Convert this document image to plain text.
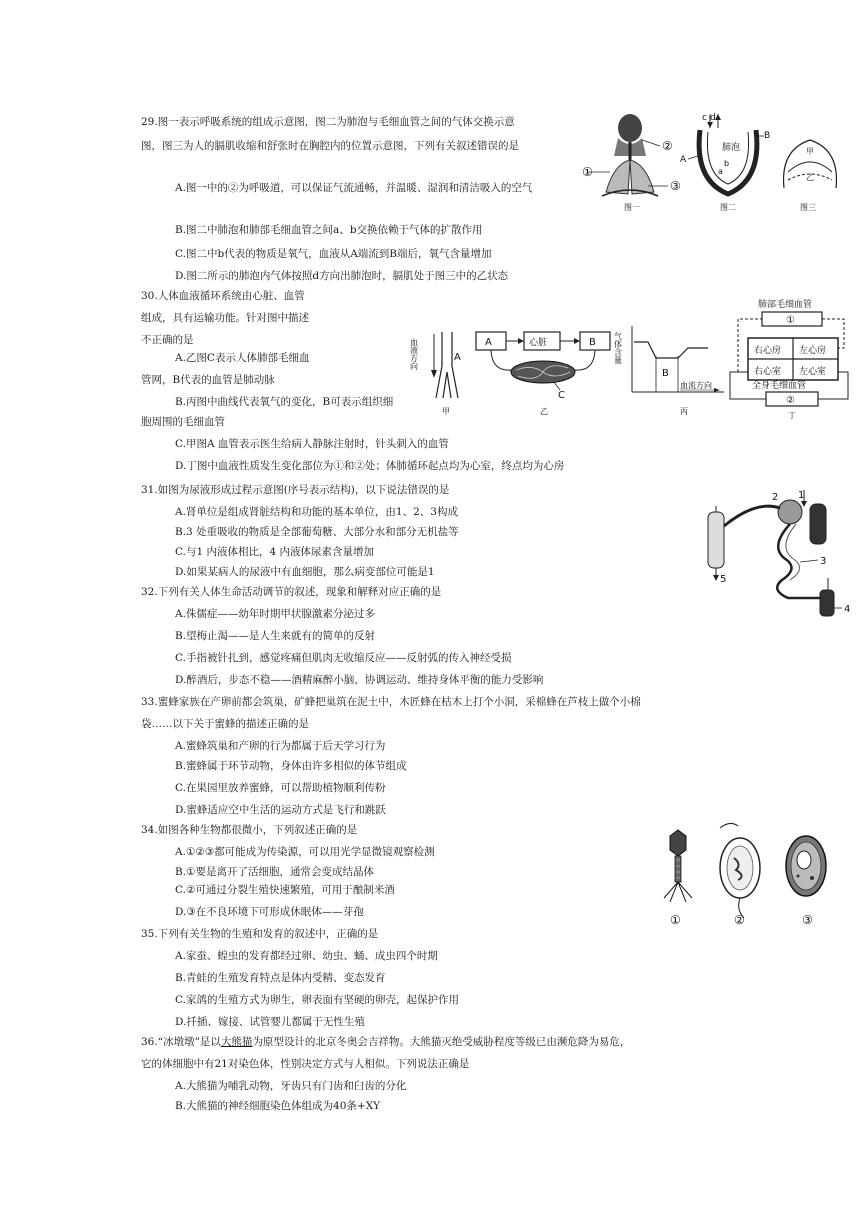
29.图一表示呼吸系统的组成示意图，图二为肺泡与毛细血管之间的气体交换示意

图，图三为人的膈肌收缩和舒张时在胸腔内的位置示意图，下列有关叙述错误的是

A.图一中的②为呼吸道，可以保证气流通畅，并温暖、湿润和清洁吸入的空气

B.图二中肺泡和肺部毛细血管之间a、b交换依赖于气体的扩散作用

C.图二中b代表的物质是氧气，血液从A端流到B端后，氧气含量增加

D.图二所示的肺泡内气体按照d方向出肺泡时，膈肌处于图三中的乙状态

②
①
③
图一
c d
肺泡
b
a
A
B
图二
甲
乙
图三

30.人体血液循环系统由心脏、血管

组成，具有运输功能。针对图中描述

不正确的是

A.乙图C表示人体肺部毛细血

管网，B代表的血管是肺动脉

B.丙图中曲线代表氧气的变化，B可表示组织细

胞周围的毛细血管

C.甲图A 血管表示医生给病人静脉注射时，针头刺入的血管

D.丁图中血液性质发生变化部位为①和②处；体肺循环起点均为心室，终点均为心房

血液方向	A
甲
A	心脏	B
C
乙
气体含量
B
血流方向
丙
肺部毛细血管
①
右心房 左心房
右心室 左心室
全身毛细血管
②
丁

31.如图为尿液形成过程示意图(序号表示结构)，以下说法错误的是

A.肾单位是组成肾脏结构和功能的基本单位，由1、2、3构成

B.3 处重吸收的物质是全部葡萄糖、大部分水和部分无机盐等

C.与1 内液体相比，4 内液体尿素含量增加

D.如果某病人的尿液中有血细胞，那么病变部位可能是1

5
2 1
3
4

32.下列有关人体生命活动调节的叙述，现象和解释对应正确的是

A.侏儒症——幼年时期甲状腺激素分泌过多

B.望梅止渴——是人生来就有的简单的反射

C.手指被针扎到，感觉疼痛但肌肉无收缩反应——反射弧的传入神经受损

D.醉酒后，步态不稳——酒精麻醉小脑，协调运动、维持身体平衡的能力受影响

33.蜜蜂家族在产卵前都会筑巢，矿蜂把巢筑在泥土中，木匠蜂在枯木上打个小洞，采棉蜂在芦枝上做个小棉

袋……以下关于蜜蜂的描述正确的是

A.蜜蜂筑巢和产卵的行为都属于后天学习行为

B.蜜蜂属于环节动物，身体由许多相似的体节组成

C.在果园里放养蜜蜂，可以帮助植物顺利传粉

D.蜜蜂适应空中生活的运动方式是飞行和跳跃

34.如图各种生物都很微小，下列叙述正确的是

A.①②③都可能成为传染源，可以用光学显微镜观察检测

B.①要是离开了活细胞，通常会变成结晶体

C.②可通过分裂生殖快速繁殖，可用于酿制米酒

D.③在不良环境下可形成休眠体——芽孢

①	②	③

35.下列有关生物的生殖和发育的叙述中，正确的是

A.家蚕、蝗虫的发育都经过卵、幼虫、蛹、成虫四个时期

B.青蛙的生殖发育特点是体内受精、变态发育

C.家鸽的生殖方式为卵生，卵表面有坚硬的卵壳，起保护作用

D.扦插、嫁接、试管婴儿都属于无性生殖

36.“冰墩墩”是以大熊猫为原型设计的北京冬奥会吉祥物。大熊猫灭绝受威胁程度等级已由濒危降为易危，

它的体细胞中有21对染色体，性别决定方式与人相似。下列说法正确是

A.大熊猫为哺乳动物，牙齿只有门齿和臼齿的分化

B.大熊猫的神经细胞染色体组成为40条+XY
